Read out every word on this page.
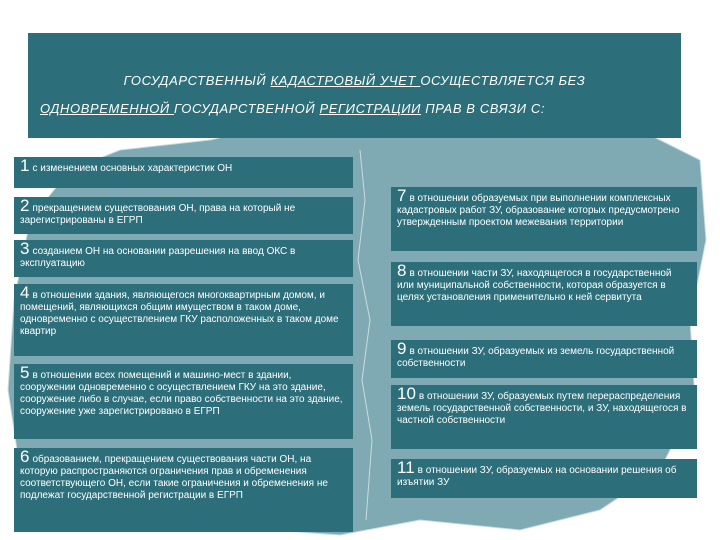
ГОСУДАРСТВЕННЫЙ КАДАСТРОВЫЙ УЧЕТ ОСУЩЕСТВЛЯЕТСЯ БЕЗ
ОДНОВРЕМЕННОЙ ГОСУДАРСТВЕННОЙ РЕГИСТРАЦИИ ПРАВ В СВЯЗИ С:
1 с изменением основных характеристик ОН
2 прекращением существования ОН, права на который не зарегистрированы в ЕГРП
3 созданием ОН на основании разрешения на ввод ОКС в эксплуатацию
4 в отношении здания, являющегося многоквартирным домом, и помещений, являющихся общим имуществом в таком доме, одновременно с осуществлением ГКУ расположенных в таком доме квартир
5 в отношении всех помещений и машино-мест в здании, сооружении одновременно с осуществлением ГКУ на это здание, сооружение либо в случае, если право собственности на это здание, сооружение уже зарегистрировано в ЕГРП
6 образованием, прекращением существования части ОН, на которую распространяются ограничения прав и обременения соответствующего ОН, если такие ограничения и обременения не подлежат государственной регистрации в ЕГРП
7 в отношении образуемых при выполнении комплексных кадастровых работ ЗУ, образование которых предусмотрено утвержденным проектом межевания территории
8 в отношении части ЗУ, находящегося в государственной или муниципальной собственности, которая образуется в целях установления применительно к ней сервитута
9 в отношении ЗУ, образуемых из земель государственной собственности
10 в отношении ЗУ, образуемых путем перераспределения земель государственной собственности, и ЗУ, находящегося в частной собственности
11 в отношении ЗУ, образуемых на основании решения об изъятии ЗУ
